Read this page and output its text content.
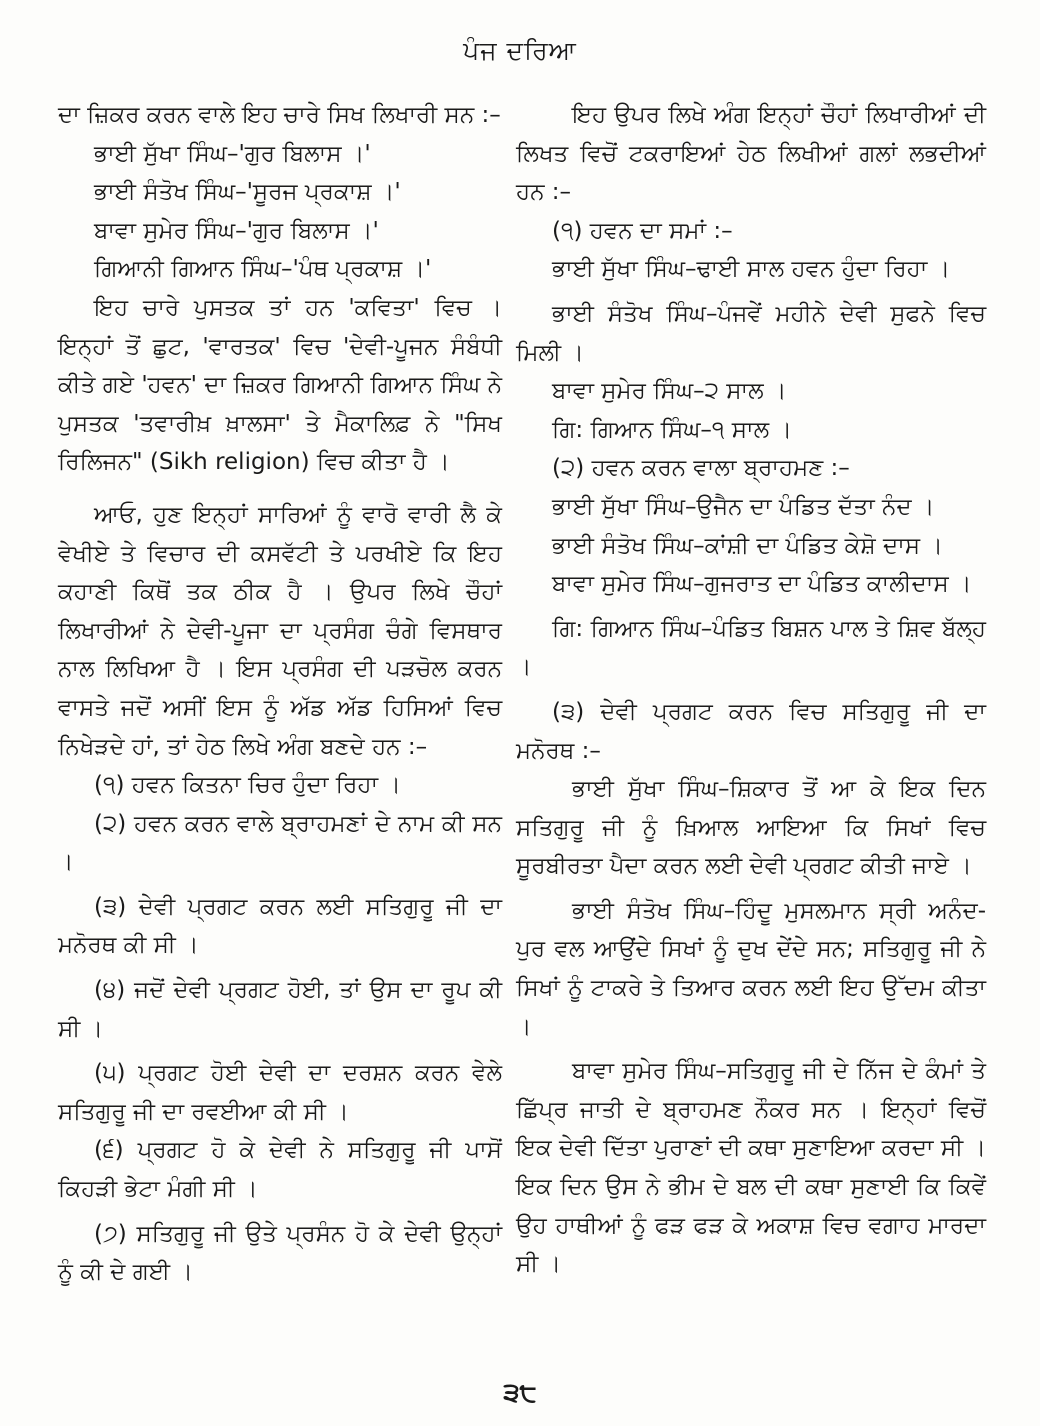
ਪੰਜ ਦਰਿਆ

ਦਾ ਜ਼ਿਕਰ ਕਰਨ ਵਾਲੇ ਇਹ ਚਾਰੇ ਸਿਖ ਲਿਖਾਰੀ ਸਨ :–

ਭਾਈ ਸੁੱਖਾ ਸਿੰਘ–'ਗੁਰ ਬਿਲਾਸ ।'

ਭਾਈ ਸੰਤੋਖ ਸਿੰਘ–'ਸੂਰਜ ਪ੍ਰਕਾਸ਼ ।'

ਬਾਵਾ ਸੁਮੇਰ ਸਿੰਘ–'ਗੁਰ ਬਿਲਾਸ ।'

ਗਿਆਨੀ ਗਿਆਨ ਸਿੰਘ–'ਪੰਥ ਪ੍ਰਕਾਸ਼ ।'

ਇਹ ਚਾਰੇ ਪੁਸਤਕ ਤਾਂ ਹਨ 'ਕਵਿਤਾ' ਵਿਚ । ਇਨ੍ਹਾਂ ਤੋਂ ਛੁਟ, 'ਵਾਰਤਕ' ਵਿਚ 'ਦੇਵੀ-ਪੂਜਨ ਸੰਬੰਧੀ ਕੀਤੇ ਗਏ 'ਹਵਨ' ਦਾ ਜ਼ਿਕਰ ਗਿਆਨੀ ਗਿਆਨ ਸਿੰਘ ਨੇ ਪੁਸਤਕ 'ਤਵਾਰੀਖ਼ ਖ਼ਾਲਸਾ' ਤੇ ਮੈਕਾਲਿਫ਼ ਨੇ "ਸਿਖ ਰਿਲਿਜਨ" (Sikh religion) ਵਿਚ ਕੀਤਾ ਹੈ ।

ਆਓ, ਹੁਣ ਇਨ੍ਹਾਂ ਸਾਰਿਆਂ ਨੂੰ ਵਾਰੋ ਵਾਰੀ ਲੈ ਕੇ ਵੇਖੀਏ ਤੇ ਵਿਚਾਰ ਦੀ ਕਸਵੱਟੀ ਤੇ ਪਰਖੀਏ ਕਿ ਇਹ ਕਹਾਣੀ ਕਿਥੋਂ ਤਕ ਠੀਕ ਹੈ । ਉਪਰ ਲਿਖੇ ਚੌਹਾਂ ਲਿਖਾਰੀਆਂ ਨੇ ਦੇਵੀ-ਪੂਜਾ ਦਾ ਪ੍ਰਸੰਗ ਚੰਗੇ ਵਿਸਥਾਰ ਨਾਲ ਲਿਖਿਆ ਹੈ । ਇਸ ਪ੍ਰਸੰਗ ਦੀ ਪੜਚੋਲ ਕਰਨ ਵਾਸਤੇ ਜਦੋਂ ਅਸੀਂ ਇਸ ਨੂੰ ਅੱਡ ਅੱਡ ਹਿਸਿਆਂ ਵਿਚ ਨਿਖੇੜਦੇ ਹਾਂ, ਤਾਂ ਹੇਠ ਲਿਖੇ ਅੰਗ ਬਣਦੇ ਹਨ :–

(੧) ਹਵਨ ਕਿਤਨਾ ਚਿਰ ਹੁੰਦਾ ਰਿਹਾ ।

(੨) ਹਵਨ ਕਰਨ ਵਾਲੇ ਬ੍ਰਾਹਮਣਾਂ ਦੇ ਨਾਮ ਕੀ ਸਨ ।

(੩) ਦੇਵੀ ਪ੍ਰਗਟ ਕਰਨ ਲਈ ਸਤਿਗੁਰੂ ਜੀ ਦਾ ਮਨੋਰਥ ਕੀ ਸੀ ।

(੪) ਜਦੋਂ ਦੇਵੀ ਪ੍ਰਗਟ ਹੋਈ, ਤਾਂ ਉਸ ਦਾ ਰੂਪ ਕੀ ਸੀ ।

(੫) ਪ੍ਰਗਟ ਹੋਈ ਦੇਵੀ ਦਾ ਦਰਸ਼ਨ ਕਰਨ ਵੇਲੇ ਸਤਿਗੁਰੂ ਜੀ ਦਾ ਰਵਈਆ ਕੀ ਸੀ ।

(੬) ਪ੍ਰਗਟ ਹੋ ਕੇ ਦੇਵੀ ਨੇ ਸਤਿਗੁਰੂ ਜੀ ਪਾਸੋਂ ਕਿਹੜੀ ਭੇਟਾ ਮੰਗੀ ਸੀ ।

(੭) ਸਤਿਗੁਰੂ ਜੀ ਉਤੇ ਪ੍ਰਸੰਨ ਹੋ ਕੇ ਦੇਵੀ ਉਨ੍ਹਾਂ ਨੂੰ ਕੀ ਦੇ ਗਈ ।

ਇਹ ਉਪਰ ਲਿਖੇ ਅੰਗ ਇਨ੍ਹਾਂ ਚੌਹਾਂ ਲਿਖਾਰੀਆਂ ਦੀ ਲਿਖਤ ਵਿਚੋਂ ਟਕਰਾਇਆਂ ਹੇਠ ਲਿਖੀਆਂ ਗਲਾਂ ਲਭਦੀਆਂ ਹਨ :–

(੧) ਹਵਨ ਦਾ ਸਮਾਂ :–

ਭਾਈ ਸੁੱਖਾ ਸਿੰਘ–ਢਾਈ ਸਾਲ ਹਵਨ ਹੁੰਦਾ ਰਿਹਾ ।

ਭਾਈ ਸੰਤੋਖ ਸਿੰਘ–ਪੰਜਵੇਂ ਮਹੀਨੇ ਦੇਵੀ ਸੁਫਨੇ ਵਿਚ ਮਿਲੀ ।

ਬਾਵਾ ਸੁਮੇਰ ਸਿੰਘ–੨ ਸਾਲ ।

ਗਿ: ਗਿਆਨ ਸਿੰਘ–੧ ਸਾਲ ।

(੨) ਹਵਨ ਕਰਨ ਵਾਲਾ ਬ੍ਰਾਹਮਣ :–

ਭਾਈ ਸੁੱਖਾ ਸਿੰਘ–ਉਜੈਨ ਦਾ ਪੰਡਿਤ ਦੱਤਾ ਨੰਦ ।

ਭਾਈ ਸੰਤੋਖ ਸਿੰਘ–ਕਾਂਸ਼ੀ ਦਾ ਪੰਡਿਤ ਕੇਸ਼ੋ ਦਾਸ ।

ਬਾਵਾ ਸੁਮੇਰ ਸਿੰਘ–ਗੁਜਰਾਤ ਦਾ ਪੰਡਿਤ ਕਾਲੀਦਾਸ ।

ਗਿ: ਗਿਆਨ ਸਿੰਘ–ਪੰਡਿਤ ਬਿਸ਼ਨ ਪਾਲ ਤੇ ਸ਼ਿਵ ਬੱਲ੍ਹ ।

(੩) ਦੇਵੀ ਪ੍ਰਗਟ ਕਰਨ ਵਿਚ ਸਤਿਗੁਰੂ ਜੀ ਦਾ ਮਨੋਰਥ :–

ਭਾਈ ਸੁੱਖਾ ਸਿੰਘ–ਸ਼ਿਕਾਰ ਤੋਂ ਆ ਕੇ ਇਕ ਦਿਨ ਸਤਿਗੁਰੂ ਜੀ ਨੂੰ ਖ਼ਿਆਲ ਆਇਆ ਕਿ ਸਿਖਾਂ ਵਿਚ ਸੂਰਬੀਰਤਾ ਪੈਦਾ ਕਰਨ ਲਈ ਦੇਵੀ ਪ੍ਰਗਟ ਕੀਤੀ ਜਾਏ ।

ਭਾਈ ਸੰਤੋਖ ਸਿੰਘ–ਹਿੰਦੂ ਮੁਸਲਮਾਨ ਸ੍ਰੀ ਅਨੰਦ-ਪੁਰ ਵਲ ਆਉਂਦੇ ਸਿਖਾਂ ਨੂੰ ਦੁਖ ਦੇਂਦੇ ਸਨ; ਸਤਿਗੁਰੂ ਜੀ ਨੇ ਸਿਖਾਂ ਨੂੰ ਟਾਕਰੇ ਤੇ ਤਿਆਰ ਕਰਨ ਲਈ ਇਹ ਉੱਦਮ ਕੀਤਾ ।

ਬਾਵਾ ਸੁਮੇਰ ਸਿੰਘ–ਸਤਿਗੁਰੂ ਜੀ ਦੇ ਨਿੱਜ ਦੇ ਕੰਮਾਂ ਤੇ ਛਿੱਪ੍ਰ ਜਾਤੀ ਦੇ ਬ੍ਰਾਹਮਣ ਨੌਕਰ ਸਨ । ਇਨ੍ਹਾਂ ਵਿਚੋਂ ਇਕ ਦੇਵੀ ਦਿੱਤਾ ਪੁਰਾਣਾਂ ਦੀ ਕਥਾ ਸੁਣਾਇਆ ਕਰਦਾ ਸੀ । ਇਕ ਦਿਨ ਉਸ ਨੇ ਭੀਮ ਦੇ ਬਲ ਦੀ ਕਥਾ ਸੁਣਾਈ ਕਿ ਕਿਵੇਂ ਉਹ ਹਾਥੀਆਂ ਨੂੰ ਫੜ ਫੜ ਕੇ ਅਕਾਸ਼ ਵਿਚ ਵਗਾਹ ਮਾਰਦਾ ਸੀ ।

੩੮
